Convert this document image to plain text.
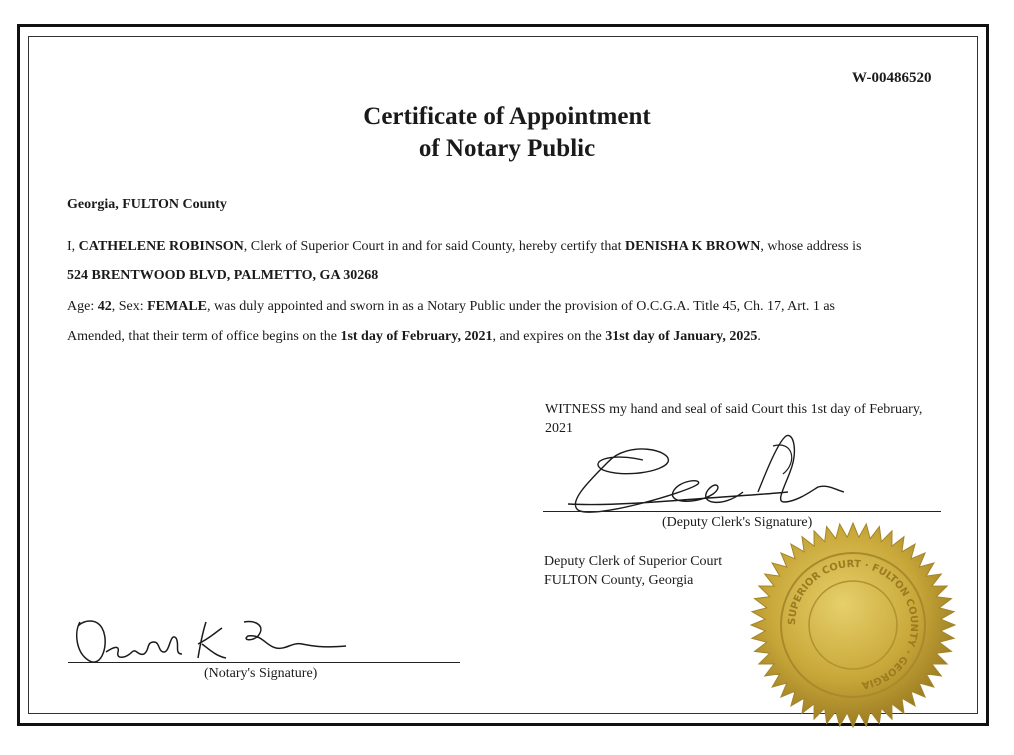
W-00486520
Certificate of Appointment
of Notary Public
Georgia, FULTON County
I, CATHELENE ROBINSON, Clerk of Superior Court in and for said County, hereby certify that DENISHA K BROWN, whose address is
524 BRENTWOOD BLVD, PALMETTO, GA 30268
Age: 42, Sex: FEMALE, was duly appointed and sworn in as a Notary Public under the provision of O.C.G.A. Title 45, Ch. 17, Art. 1 as
Amended, that their term of office begins on the 1st day of February, 2021, and expires on the 31st day of January, 2025.
WITNESS my hand and seal of said Court this 1st day of February, 2021
SUPERIOR COURT · FULTON COUNTY · GEORGIA
(Deputy Clerk's Signature)
Deputy Clerk of Superior Court
FULTON County, Georgia
(Notary's Signature)
